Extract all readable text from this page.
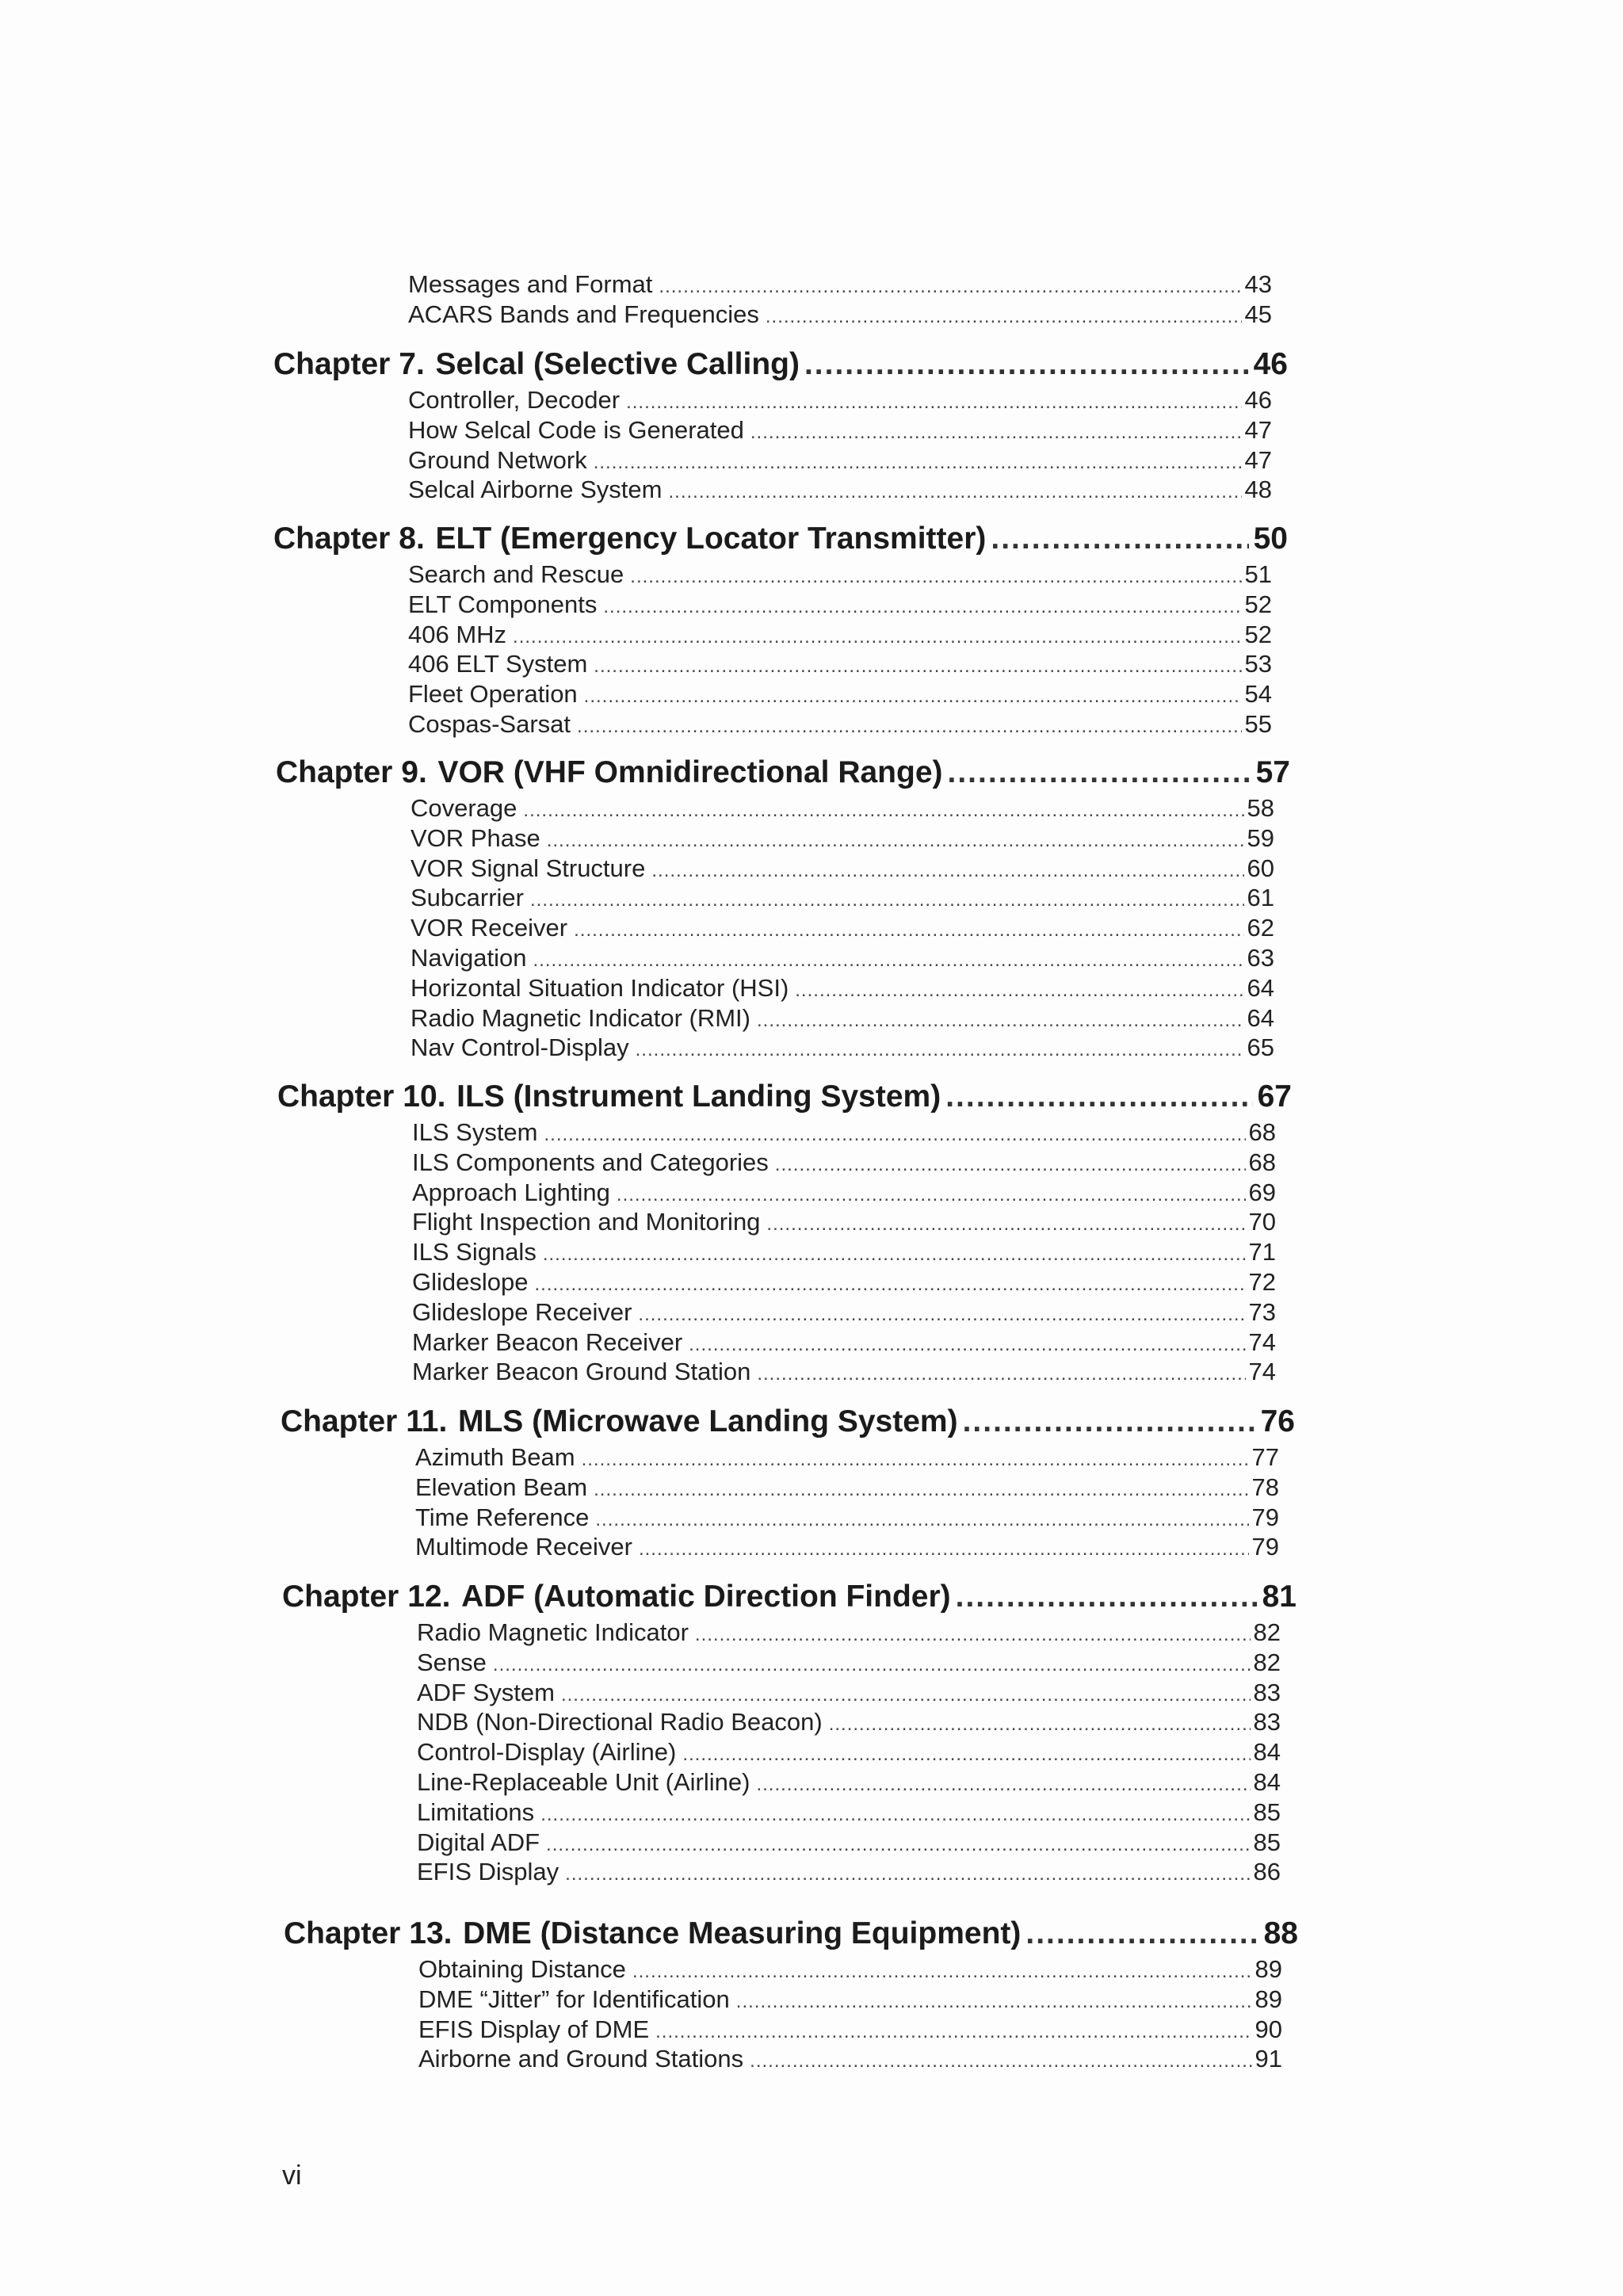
Messages and Format .....	43
ACARS Bands and Frequencies .....	45
Chapter 7. Selcal (Selective Calling) .....	46
Controller, Decoder .....	46
How Selcal Code is Generated .....	47
Ground Network .....	47
Selcal Airborne System .....	48
Chapter 8. ELT (Emergency Locator Transmitter) .....	50
Search and Rescue .....	51
ELT Components .....	52
406 MHz .....	52
406 ELT System .....	53
Fleet Operation .....	54
Cospas-Sarsat .....	55
Chapter 9. VOR (VHF Omnidirectional Range) .....	57
Coverage .....	58
VOR Phase .....	59
VOR Signal Structure .....	60
Subcarrier .....	61
VOR Receiver .....	62
Navigation .....	63
Horizontal Situation Indicator (HSI) .....	64
Radio Magnetic Indicator (RMI) .....	64
Nav Control-Display .....	65
Chapter 10. ILS (Instrument Landing System) .....	67
ILS System .....	68
ILS Components and Categories .....	68
Approach Lighting .....	69
Flight Inspection and Monitoring .....	70
ILS Signals .....	71
Glideslope .....	72
Glideslope Receiver .....	73
Marker Beacon Receiver .....	74
Marker Beacon Ground Station .....	74
Chapter 11. MLS (Microwave Landing System) .....	76
Azimuth Beam .....	77
Elevation Beam .....	78
Time Reference .....	79
Multimode Receiver .....	79
Chapter 12. ADF (Automatic Direction Finder) .....	81
Radio Magnetic Indicator .....	82
Sense .....	82
ADF System .....	83
NDB (Non-Directional Radio Beacon) .....	83
Control-Display (Airline) .....	84
Line-Replaceable Unit (Airline) .....	84
Limitations .....	85
Digital ADF .....	85
EFIS Display .....	86
Chapter 13. DME (Distance Measuring Equipment) .....	88
Obtaining Distance .....	89
DME “Jitter” for Identification .....	89
EFIS Display of DME .....	90
Airborne and Ground Stations .....	91
vi
